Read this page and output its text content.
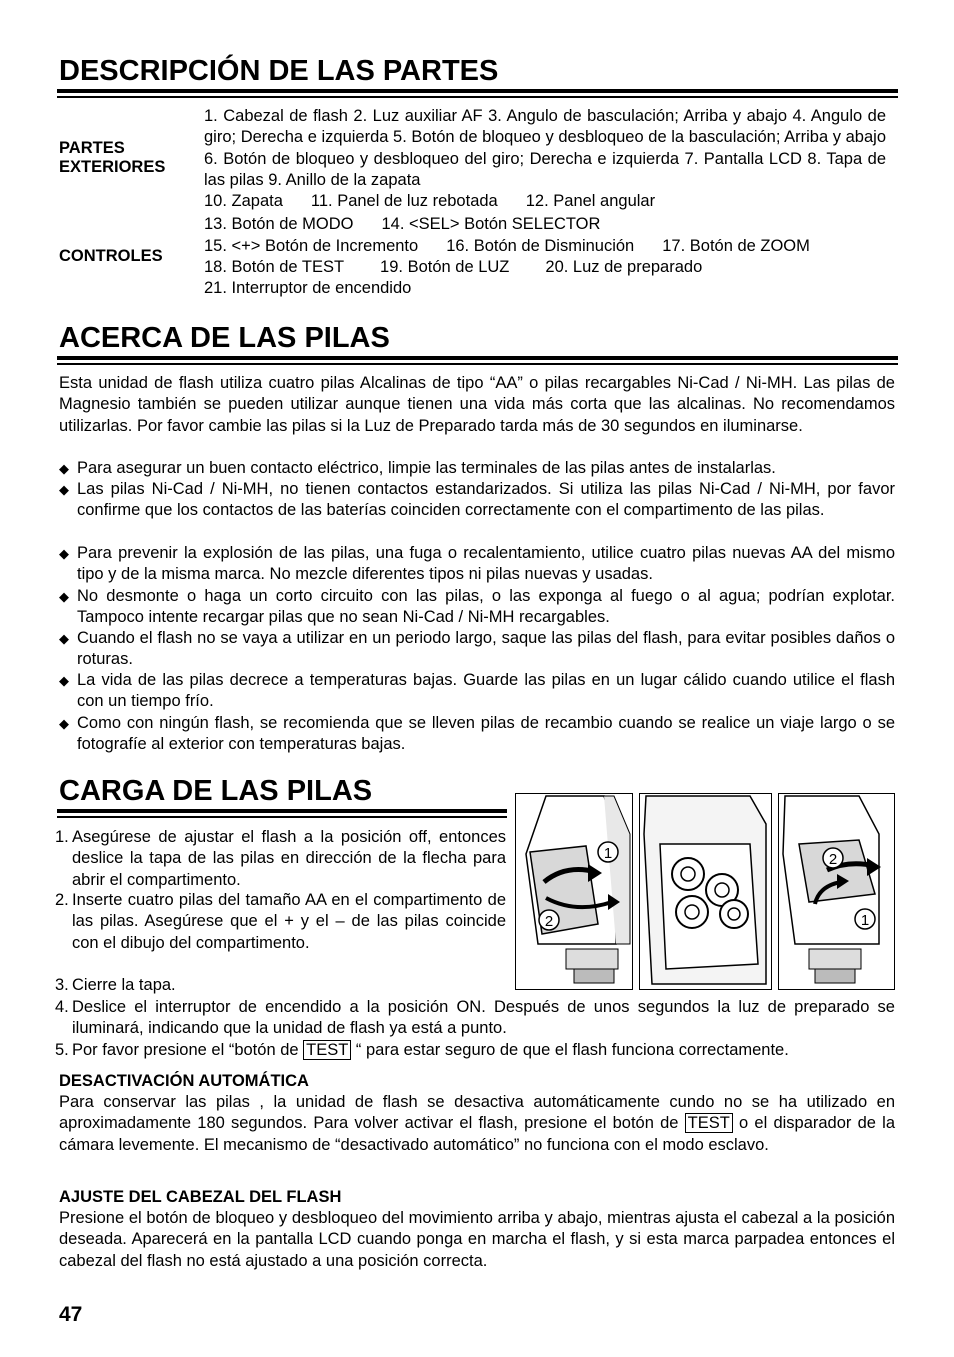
DESCRIPCIÓN DE LAS PARTES
PARTES
EXTERIORES
1. Cabezal de flash 2. Luz auxiliar AF 3. Angulo de basculación; Arriba y abajo 4. Angulo de giro; Derecha e izquierda 5. Botón de bloqueo y desbloqueo de la basculación; Arriba y abajo 6. Botón de bloqueo y desbloqueo del giro; Derecha e izquierda 7. Pantalla LCD 8. Tapa de las pilas 9. Anillo de la zapata
10. Zapata 11. Panel de luz rebotada 12. Panel angular
CONTROLES
13. Botón de MODO 14. <SEL> Botón SELECTOR
15. <+> Botón de Incremento 16. Botón de Disminución 17. Botón de ZOOM
18. Botón de TEST 19. Botón de LUZ 20. Luz de preparado
21. Interruptor de encendido
ACERCA DE LAS PILAS
Esta unidad de flash utiliza cuatro pilas Alcalinas de tipo “AA” o pilas recargables Ni-Cad / Ni-MH. Las pilas de Magnesio también se pueden utilizar aunque tienen una vida más corta que las alcalinas. No recomendamos utilizarlas. Por favor cambie las pilas si la Luz de Preparado tarda más de 30 segundos en iluminarse.
◆ Para asegurar un buen contacto eléctrico, limpie las terminales de las pilas antes de instalarlas.
◆ Las pilas Ni-Cad / Ni-MH, no tienen contactos estandarizados. Si utiliza las pilas Ni-Cad / Ni-MH, por favor confirme que los contactos de las baterías coinciden correctamente con el compartimento de las pilas.
◆ Para prevenir la explosión de las pilas, una fuga o recalentamiento, utilice cuatro pilas nuevas AA del mismo tipo y de la misma marca. No mezcle diferentes tipos ni pilas nuevas y usadas.
◆ No desmonte o haga un corto circuito con las pilas, o las exponga al fuego o al agua; podrían explotar. Tampoco intente recargar pilas que no sean Ni-Cad / Ni-MH recargables.
◆ Cuando el flash no se vaya a utilizar en un periodo largo, saque las pilas del flash, para evitar posibles daños o roturas.
◆ La vida de las pilas decrece a temperaturas bajas. Guarde las pilas en un lugar cálido cuando utilice el flash con un tiempo frío.
◆ Como con ningún flash, se recomienda que se lleven pilas de recambio cuando se realice un viaje largo o se fotografíe al exterior con temperaturas bajas.
CARGA DE LAS PILAS
1
2
2
1
1. Asegúrese de ajustar el flash a la posición off, entonces deslice la tapa de las pilas en dirección de la flecha para abrir el compartimento.
2. Inserte cuatro pilas del tamaño AA en el compartimento de las pilas. Asegúrese que el + y el – de las pilas coincide con el dibujo del compartimento.
3. Cierre la tapa.
4. Deslice el interruptor de encendido a la posición ON. Después de unos segundos la luz de preparado se iluminará, indicando que la unidad de flash ya está a punto.
5. Por favor presione el “botón de TEST “ para estar seguro de que el flash funciona correctamente.
DESACTIVACIÓN AUTOMÁTICA
Para conservar las pilas , la unidad de flash se desactiva automáticamente cundo no se ha utilizado en aproximadamente 180 segundos. Para volver activar el flash, presione el botón de TEST o el disparador de la cámara levemente. El mecanismo de “desactivado automático” no funciona con el modo esclavo.
AJUSTE DEL CABEZAL DEL FLASH
Presione el botón de bloqueo y desbloqueo del movimiento arriba y abajo, mientras ajusta el cabezal a la posición deseada. Aparecerá en la pantalla LCD cuando ponga en marcha el flash, y si esta marca parpadea entonces el cabezal del flash no está ajustado a una posición correcta.
47
